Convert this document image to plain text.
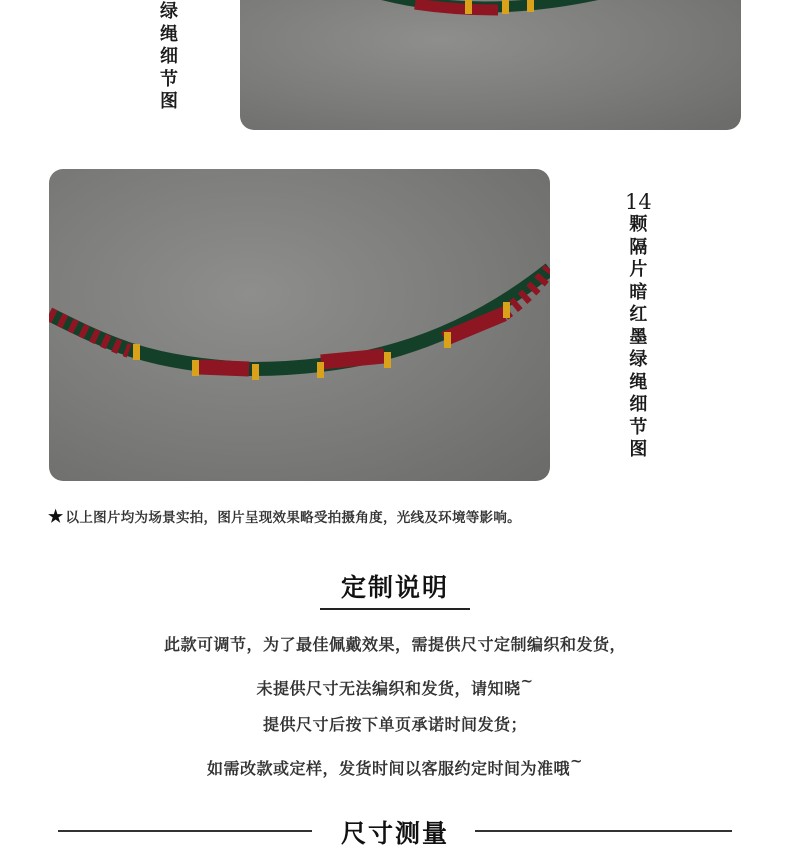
绿
绳
细
节
图
14
颗
隔
片
暗
红
墨
绿
绳
细
节
图
★ 以上图片均为场景实拍，图片呈现效果略受拍摄角度，光线及环境等影响。
定制说明
此款可调节，为了最佳佩戴效果，需提供尺寸定制编织和发货，
未提供尺寸无法编织和发货，请知晓~
提供尺寸后按下单页承诺时间发货；
如需改款或定样，发货时间以客服约定时间为准哦~
尺寸测量
